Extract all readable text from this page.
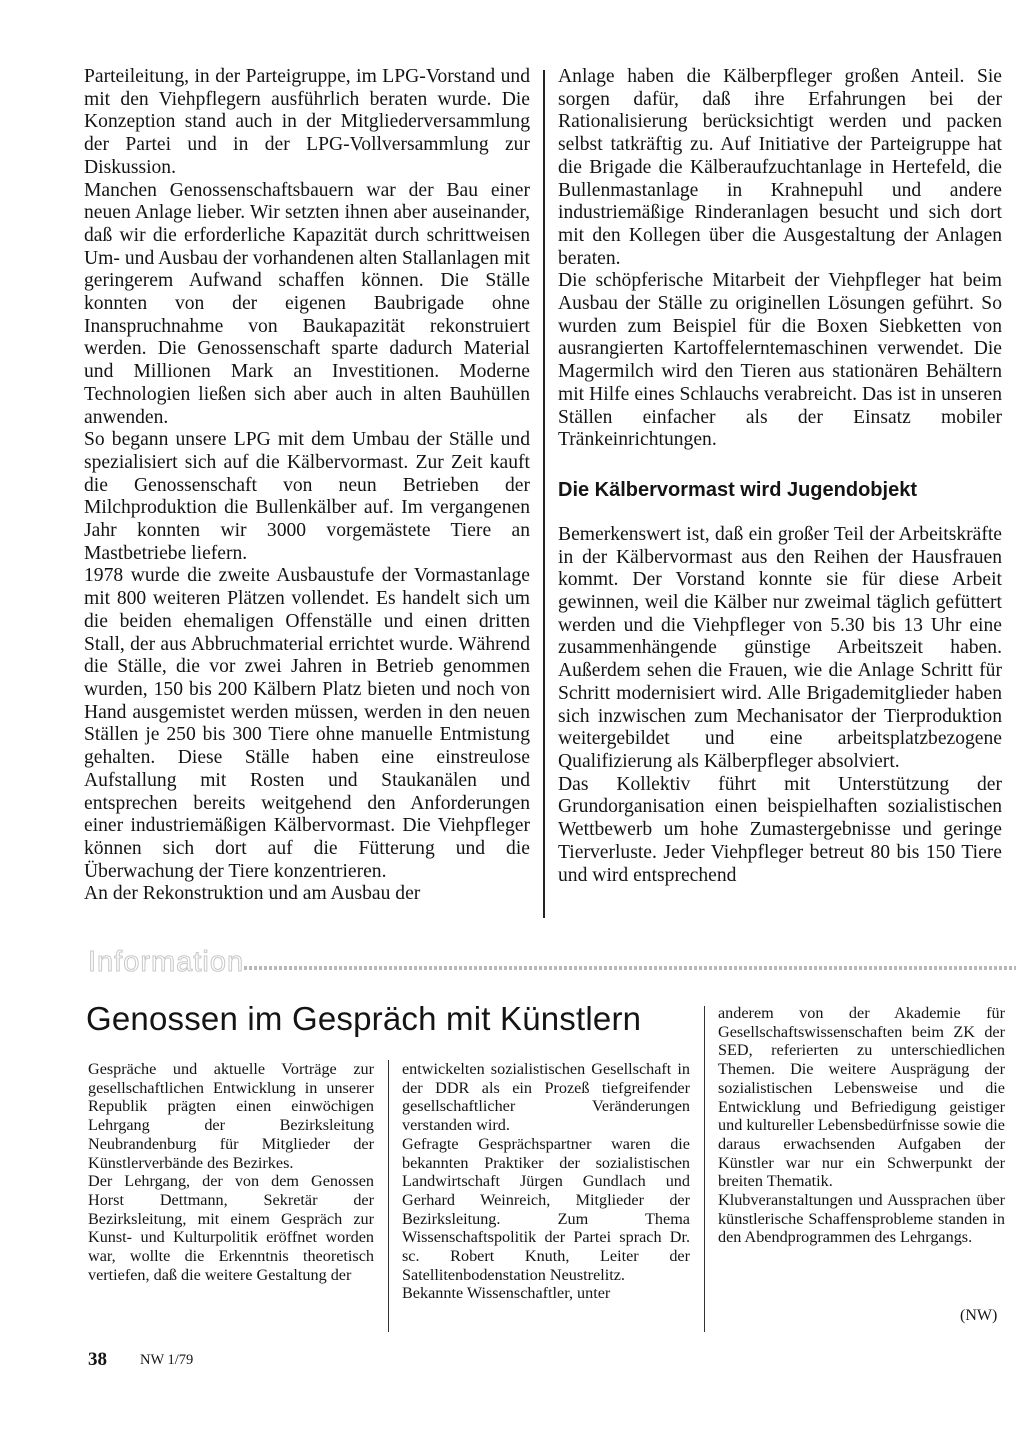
Parteileitung, in der Parteigruppe, im LPG-Vorstand und mit den Viehpflegern ausführlich beraten wurde. Die Konzeption stand auch in der Mitgliederversammlung der Partei und in der LPG-Vollversammlung zur Diskussion.

Manchen Genossenschaftsbauern war der Bau einer neuen Anlage lieber. Wir setzten ihnen aber auseinander, daß wir die erforderliche Kapazität durch schrittweisen Um- und Ausbau der vorhandenen alten Stallanlagen mit geringerem Aufwand schaffen können. Die Ställe konnten von der eigenen Baubrigade ohne Inanspruchnahme von Baukapazität rekonstruiert werden. Die Genossenschaft sparte dadurch Material und Millionen Mark an Investitionen. Moderne Technologien ließen sich aber auch in alten Bauhüllen anwenden.

So begann unsere LPG mit dem Umbau der Ställe und spezialisiert sich auf die Kälbervormast. Zur Zeit kauft die Genossenschaft von neun Betrieben der Milchproduktion die Bullenkälber auf. Im vergangenen Jahr konnten wir 3000 vorgemästete Tiere an Mastbetriebe liefern.

1978 wurde die zweite Ausbaustufe der Vormastanlage mit 800 weiteren Plätzen vollendet. Es handelt sich um die beiden ehemaligen Offenställe und einen dritten Stall, der aus Abbruchmaterial errichtet wurde. Während die Ställe, die vor zwei Jahren in Betrieb genommen wurden, 150 bis 200 Kälbern Platz bieten und noch von Hand ausgemistet werden müssen, werden in den neuen Ställen je 250 bis 300 Tiere ohne manuelle Entmistung gehalten. Diese Ställe haben eine einstreulose Aufstallung mit Rosten und Staukanälen und entsprechen bereits weitgehend den Anforderungen einer industriemäßigen Kälbervormast. Die Viehpfleger können sich dort auf die Fütterung und die Überwachung der Tiere konzentrieren.

An der Rekonstruktion und am Ausbau der

Anlage haben die Kälberpfleger großen Anteil. Sie sorgen dafür, daß ihre Erfahrungen bei der Rationalisierung berücksichtigt werden und packen selbst tatkräftig zu. Auf Initiative der Parteigruppe hat die Brigade die Kälberaufzuchtanlage in Hertefeld, die Bullenmastanlage in Krahnepuhl und andere industriemäßige Rinderanlagen besucht und sich dort mit den Kollegen über die Ausgestaltung der Anlagen beraten.

Die schöpferische Mitarbeit der Viehpfleger hat beim Ausbau der Ställe zu originellen Lösungen geführt. So wurden zum Beispiel für die Boxen Siebketten von ausrangierten Kartoffelerntemaschinen verwendet. Die Magermilch wird den Tieren aus stationären Behältern mit Hilfe eines Schlauchs verabreicht. Das ist in unseren Ställen einfacher als der Einsatz mobiler Tränkeinrichtungen.

Die Kälbervormast wird Jugendobjekt

Bemerkenswert ist, daß ein großer Teil der Arbeitskräfte in der Kälbervormast aus den Reihen der Hausfrauen kommt. Der Vorstand konnte sie für diese Arbeit gewinnen, weil die Kälber nur zweimal täglich gefüttert werden und die Viehpfleger von 5.30 bis 13 Uhr eine zusammenhängende günstige Arbeitszeit haben. Außerdem sehen die Frauen, wie die Anlage Schritt für Schritt modernisiert wird. Alle Brigademitglieder haben sich inzwischen zum Mechanisator der Tierproduktion weitergebildet und eine arbeitsplatzbezogene Qualifizierung als Kälberpfleger absolviert.

Das Kollektiv führt mit Unterstützung der Grundorganisation einen beispielhaften sozialistischen Wettbewerb um hohe Zumastergebnisse und geringe Tierverluste. Jeder Viehpfleger betreut 80 bis 150 Tiere und wird entsprechend

Information
Genossen im Gespräch mit Künstlern

Gespräche und aktuelle Vorträge zur gesellschaftlichen Entwicklung in unserer Republik prägten einen einwöchigen Lehrgang der Bezirksleitung Neubrandenburg für Mitglieder der Künstlerverbände des Bezirkes.

Der Lehrgang, der von dem Genossen Horst Dettmann, Sekretär der Bezirksleitung, mit einem Gespräch zur Kunst- und Kulturpolitik eröffnet worden war, wollte die Erkenntnis theoretisch vertiefen, daß die weitere Gestaltung der

entwickelten sozialistischen Gesellschaft in der DDR als ein Prozeß tiefgreifender gesellschaftlicher Veränderungen verstanden wird.

Gefragte Gesprächspartner waren die bekannten Praktiker der sozialistischen Landwirtschaft Jürgen Gundlach und Gerhard Weinreich, Mitglieder der Bezirksleitung. Zum Thema Wissenschaftspolitik der Partei sprach Dr. sc. Robert Knuth, Leiter der Satellitenbodenstation Neustrelitz.

Bekannte Wissenschaftler, unter

anderem von der Akademie für Gesellschaftswissenschaften beim ZK der SED, referierten zu unterschiedlichen Themen. Die weitere Ausprägung der sozialistischen Lebensweise und die Entwicklung und Befriedigung geistiger und kultureller Lebensbedürfnisse sowie die daraus erwachsenden Aufgaben der Künstler war nur ein Schwerpunkt der breiten Thematik.

Klubveranstaltungen und Aussprachen über künstlerische Schaffensprobleme standen in den Abendprogrammen des Lehrgangs.

(NW)
38 NW 1/79
